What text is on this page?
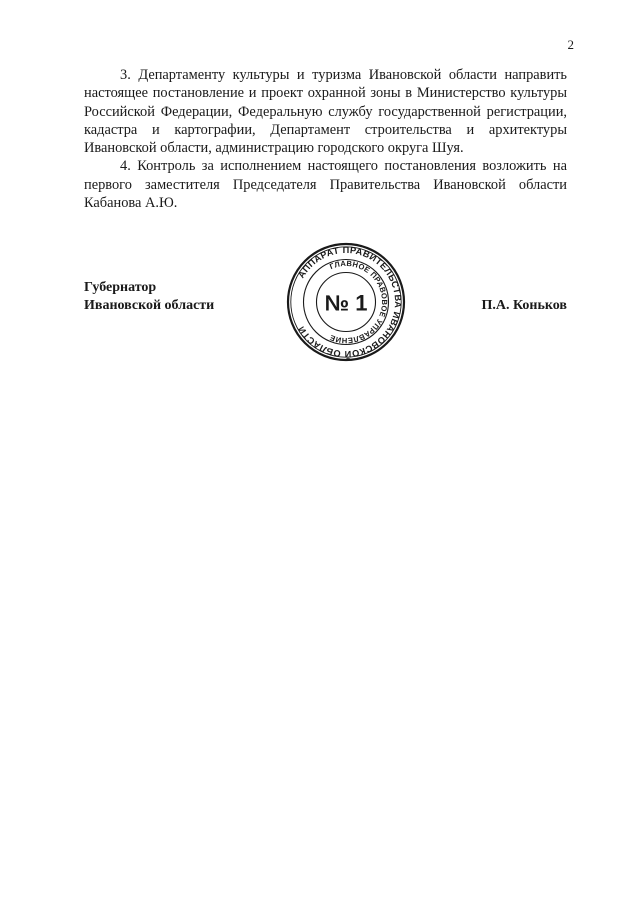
2

3. Департаменту культуры и туризма Ивановской области направить настоящее постановление и проект охранной зоны в Министерство культуры Российской Федерации, Федеральную службу государственной регистрации, кадастра и картографии, Департамент строительства и архитектуры Ивановской области, администрацию городского округа Шуя.

4. Контроль за исполнением настоящего постановления возложить на первого заместителя Председателя Правительства Ивановской области Кабанова А.Ю.

Губернатор
Ивановской области
АППАРАТ ПРАВИТЕЛЬСТВА ИВАНОВСКОЙ ОБЛАСТИ
ГЛАВНОЕ ПРАВОВОЕ УПРАВЛЕНИЕ
№ 1	П.А. Коньков
